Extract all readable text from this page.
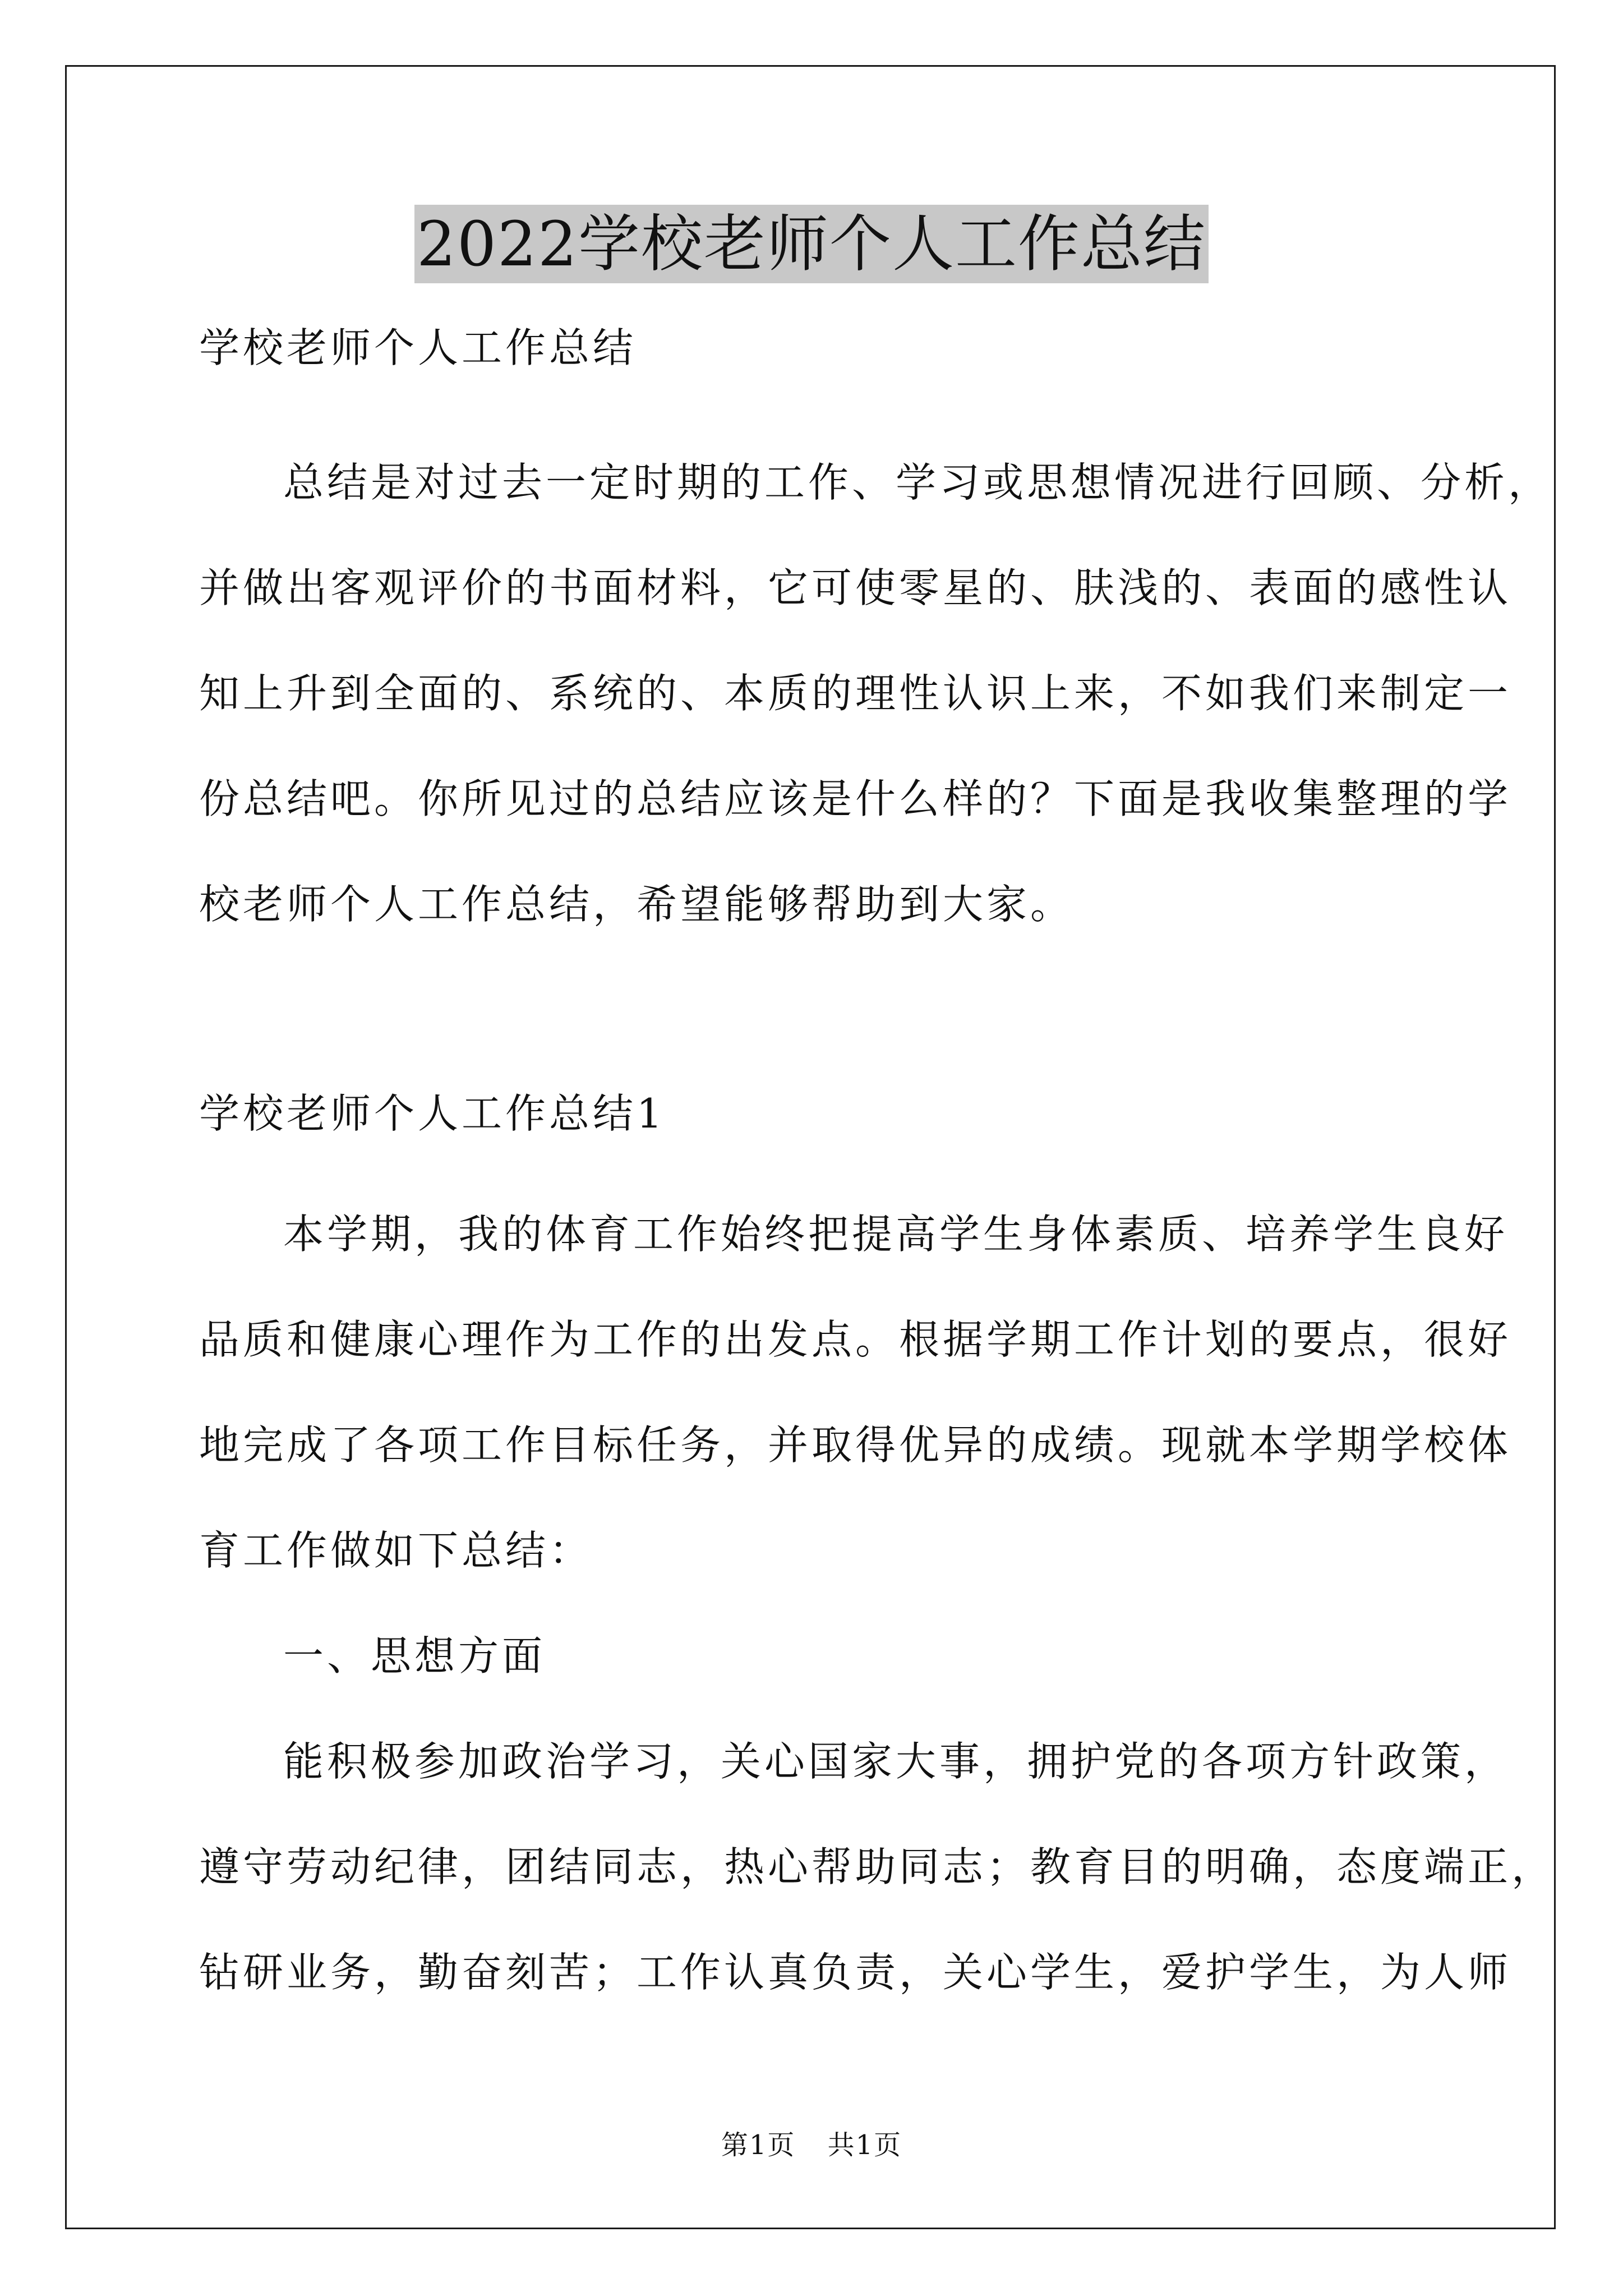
2022学校老师个人工作总结
学校老师个人工作总结
总结是对过去一定时期的工作、学习或思想情况进行回顾、分析，
并做出客观评价的书面材料，它可使零星的、肤浅的、表面的感性认
知上升到全面的、系统的、本质的理性认识上来，不如我们来制定一
份总结吧。你所见过的总结应该是什么样的？下面是我收集整理的学
校老师个人工作总结，希望能够帮助到大家。
学校老师个人工作总结1
本学期，我的体育工作始终把提高学生身体素质、培养学生良好
品质和健康心理作为工作的出发点。根据学期工作计划的要点，很好
地完成了各项工作目标任务，并取得优异的成绩。现就本学期学校体
育工作做如下总结：
一、思想方面
能积极参加政治学习，关心国家大事，拥护党的各项方针政策，
遵守劳动纪律，团结同志，热心帮助同志；教育目的明确，态度端正，
钻研业务，勤奋刻苦；工作认真负责，关心学生，爱护学生，为人师
第1页 共1页
